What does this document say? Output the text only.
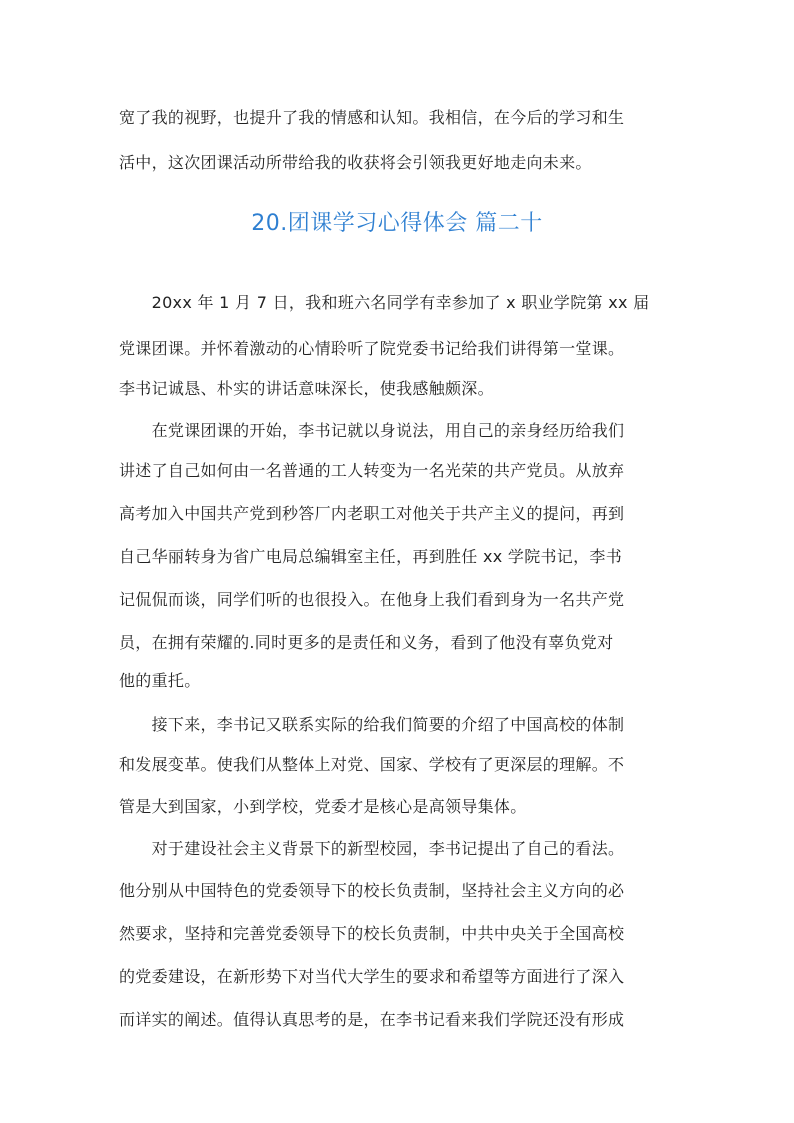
宽了我的视野，也提升了我的情感和认知。我相信，在今后的学习和生
活中，这次团课活动所带给我的收获将会引领我更好地走向未来。
20.团课学习心得体会 篇二十
　　20xx 年 1 月 7 日，我和班六名同学有幸参加了 x 职业学院第 xx 届
党课团课。并怀着激动的心情聆听了院党委书记给我们讲得第一堂课。
李书记诚恳、朴实的讲话意味深长，使我感触颇深。
　　在党课团课的开始，李书记就以身说法，用自己的亲身经历给我们
讲述了自己如何由一名普通的工人转变为一名光荣的共产党员。从放弃
高考加入中国共产党到秒答厂内老职工对他关于共产主义的提问，再到
自己华丽转身为省广电局总编辑室主任，再到胜任 xx 学院书记，李书
记侃侃而谈，同学们听的也很投入。在他身上我们看到身为一名共产党
员，在拥有荣耀的.同时更多的是责任和义务，看到了他没有辜负党对
他的重托。
　　接下来，李书记又联系实际的给我们简要的介绍了中国高校的体制
和发展变革。使我们从整体上对党、国家、学校有了更深层的理解。不
管是大到国家，小到学校，党委才是核心是高领导集体。
　　对于建设社会主义背景下的新型校园，李书记提出了自己的看法。
他分别从中国特色的党委领导下的校长负责制，坚持社会主义方向的必
然要求，坚持和完善党委领导下的校长负责制，中共中央关于全国高校
的党委建设，在新形势下对当代大学生的要求和希望等方面进行了深入
而详实的阐述。值得认真思考的是，在李书记看来我们学院还没有形成
